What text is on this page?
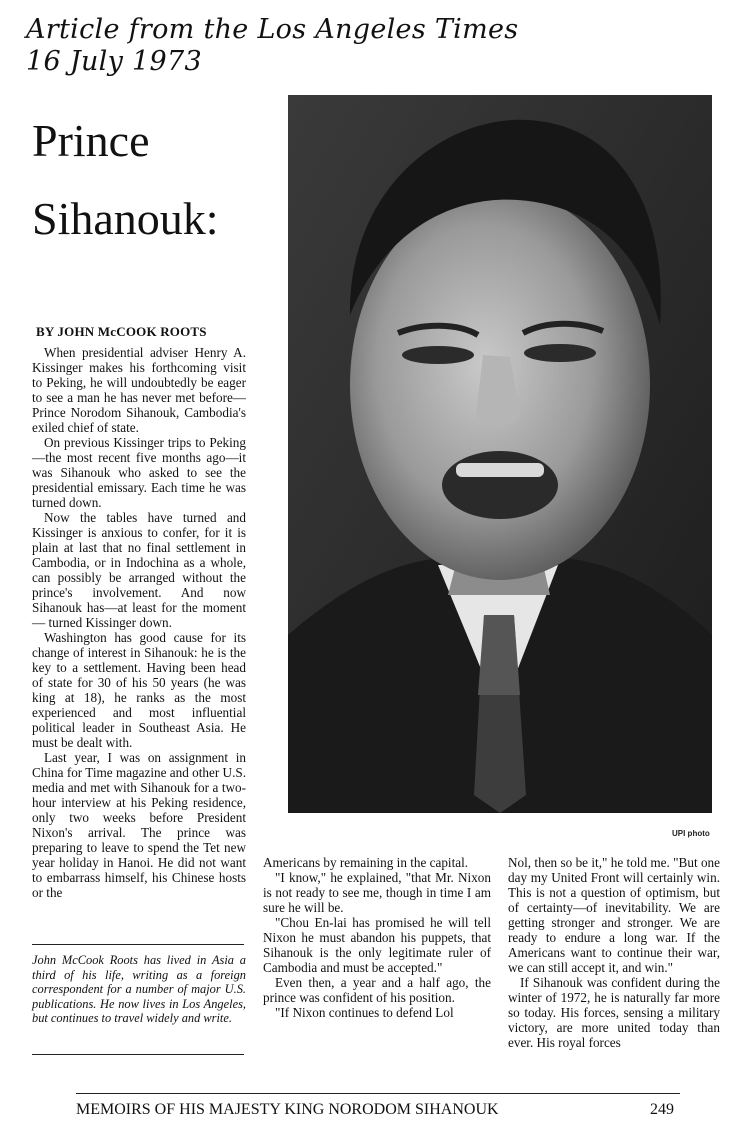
Article from the Los Angeles Times
16 July 1973
Prince
Sihanouk:
UPI photo
BY JOHN McCOOK ROOTS

When presidential adviser Henry A. Kissinger makes his forthcoming visit to Peking, he will undoubtedly be eager to see a man he has never met before—Prince Norodom Sihanouk, Cambodia's exiled chief of state.

On previous Kissinger trips to Peking—the most recent five months ago—it was Sihanouk who asked to see the presidential emissary. Each time he was turned down.

Now the tables have turned and Kissinger is anxious to confer, for it is plain at last that no final settlement in Cambodia, or in Indochina as a whole, can possibly be arranged without the prince's involvement. And now Sihanouk has—at least for the moment — turned Kissinger down.

Washington has good cause for its change of interest in Sihanouk: he is the key to a settlement. Having been head of state for 30 of his 50 years (he was king at 18), he ranks as the most experienced and most influential political leader in Southeast Asia. He must be dealt with.

Last year, I was on assignment in China for Time magazine and other U.S. media and met with Sihanouk for a two-hour interview at his Peking residence, only two weeks before President Nixon's arrival. The prince was preparing to leave to spend the Tet new year holiday in Hanoi. He did not want to embarrass himself, his Chinese hosts or the

John McCook Roots has lived in Asia a third of his life, writing as a foreign correspondent for a number of major U.S. publications. He now lives in Los Angeles, but continues to travel widely and write.

Americans by remaining in the capital.

"I know," he explained, "that Mr. Nixon is not ready to see me, though in time I am sure he will be.

"Chou En-lai has promised he will tell Nixon he must abandon his puppets, that Sihanouk is the only legitimate ruler of Cambodia and must be accepted."

Even then, a year and a half ago, the prince was confident of his position.

"If Nixon continues to defend Lol

Nol, then so be it," he told me. "But one day my United Front will certainly win. This is not a question of optimism, but of certainty—of inevitability. We are getting stronger and stronger. We are ready to endure a long war. If the Americans want to continue their war, we can still accept it, and win."

If Sihanouk was confident during the winter of 1972, he is naturally far more so today. His forces, sensing a military victory, are more united today than ever. His royal forces

MEMOIRS OF HIS MAJESTY KING NORODOM SIHANOUK	249
